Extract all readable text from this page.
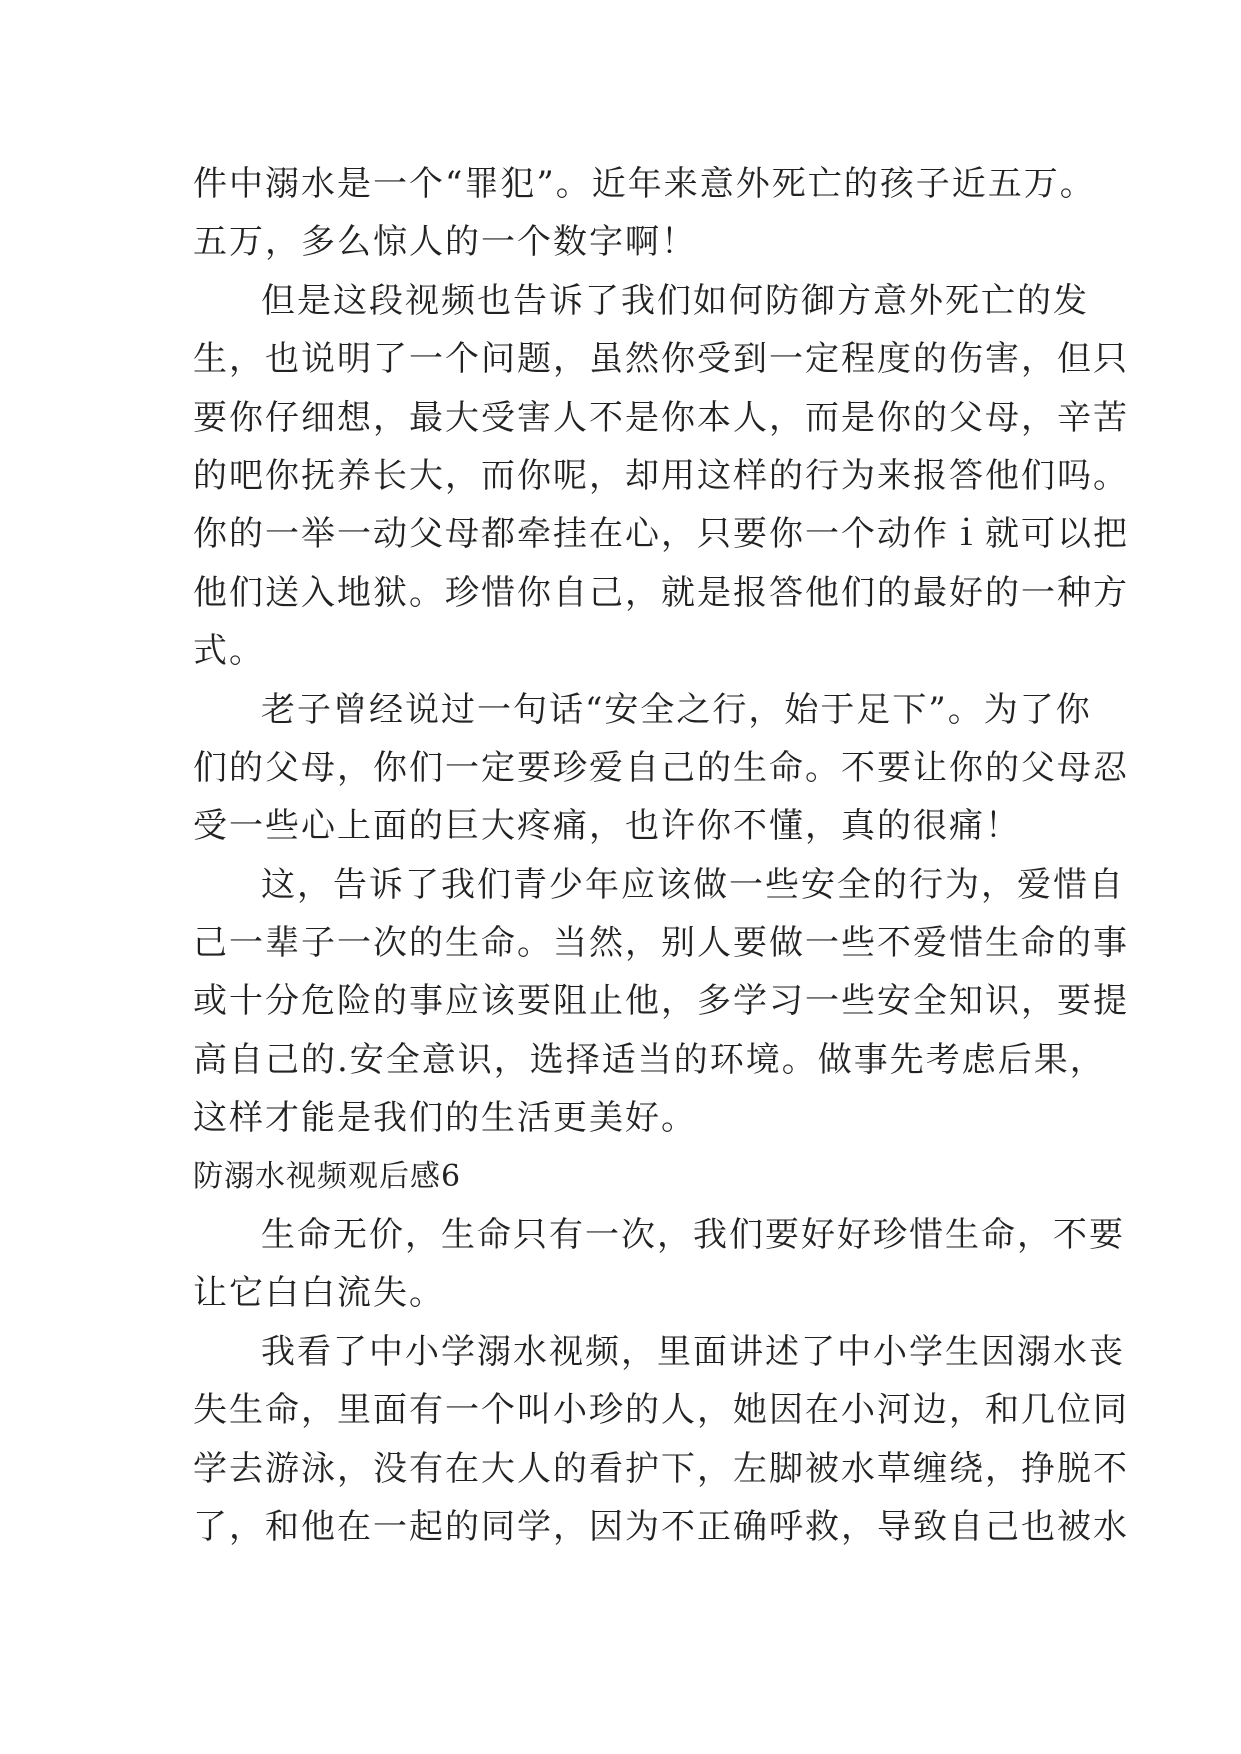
件中溺水是一个“罪犯”。近年来意外死亡的孩子近五万。
五万，多么惊人的一个数字啊！
但是这段视频也告诉了我们如何防御方意外死亡的发
生，也说明了一个问题，虽然你受到一定程度的伤害，但只
要你仔细想，最大受害人不是你本人，而是你的父母，辛苦
的吧你抚养长大，而你呢，却用这样的行为来报答他们吗。
你的一举一动父母都牵挂在心，只要你一个动作ｉ就可以把
他们送入地狱。珍惜你自己，就是报答他们的最好的一种方
式。
老子曾经说过一句话“安全之行，始于足下”。为了你
们的父母，你们一定要珍爱自己的生命。不要让你的父母忍
受一些心上面的巨大疼痛，也许你不懂，真的很痛！
这，告诉了我们青少年应该做一些安全的行为，爱惜自
己一辈子一次的生命。当然，别人要做一些不爱惜生命的事
或十分危险的事应该要阻止他，多学习一些安全知识，要提
高自己的.安全意识，选择适当的环境。做事先考虑后果，
这样才能是我们的生活更美好。
防溺水视频观后感6
生命无价，生命只有一次，我们要好好珍惜生命，不要
让它白白流失。
我看了中小学溺水视频，里面讲述了中小学生因溺水丧
失生命，里面有一个叫小珍的人，她因在小河边，和几位同
学去游泳，没有在大人的看护下，左脚被水草缠绕，挣脱不
了，和他在一起的同学，因为不正确呼救，导致自己也被水
